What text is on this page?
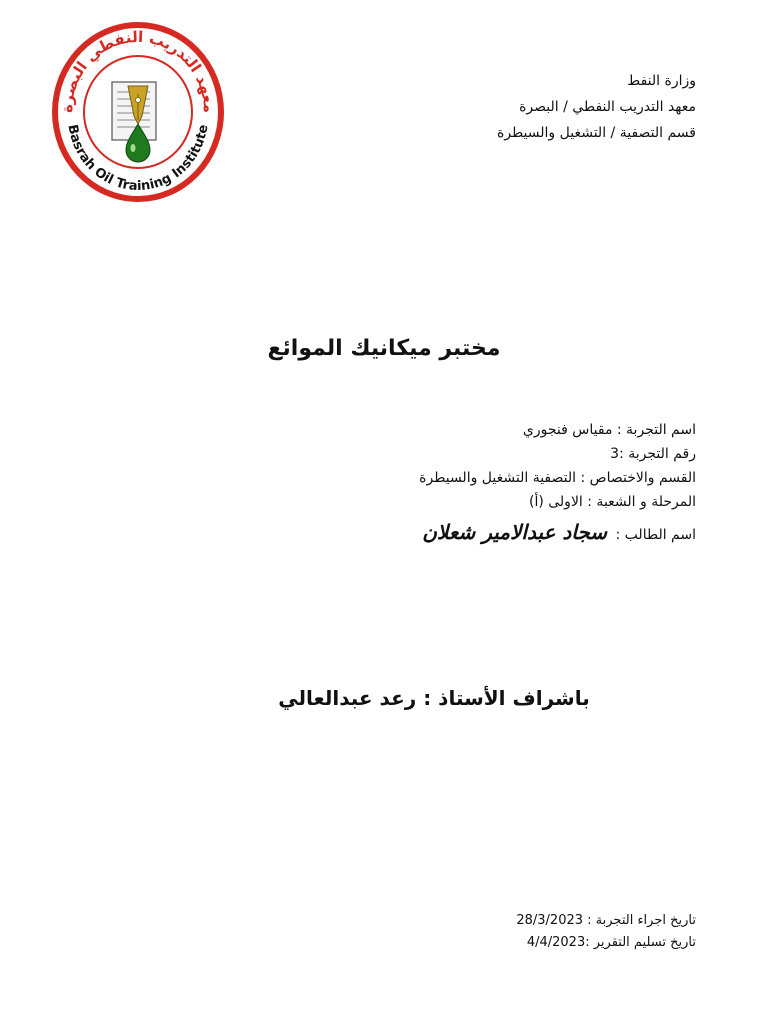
معهد التدريب النفطي البصرة
Basrah Oil Training Institute
وزارة النفط
معهد التدريب النفطي / البصرة
قسم التصفية / التشغيل والسيطرة
مختبر ميكانيك الموائع
اسم التجربة : مقياس فنجوري
رقم التجربة :3
القسم والاختصاص : التصفية التشغيل والسيطرة
المرحلة و الشعبة : الاولى (أ)
اسم الطالب : سجاد عبدالامير شعلان
باشراف الأستاذ : رعد عبدالعالي
تاريخ اجراء التجربة : 28/3/2023
تاريخ تسليم التقرير :4/4/2023
